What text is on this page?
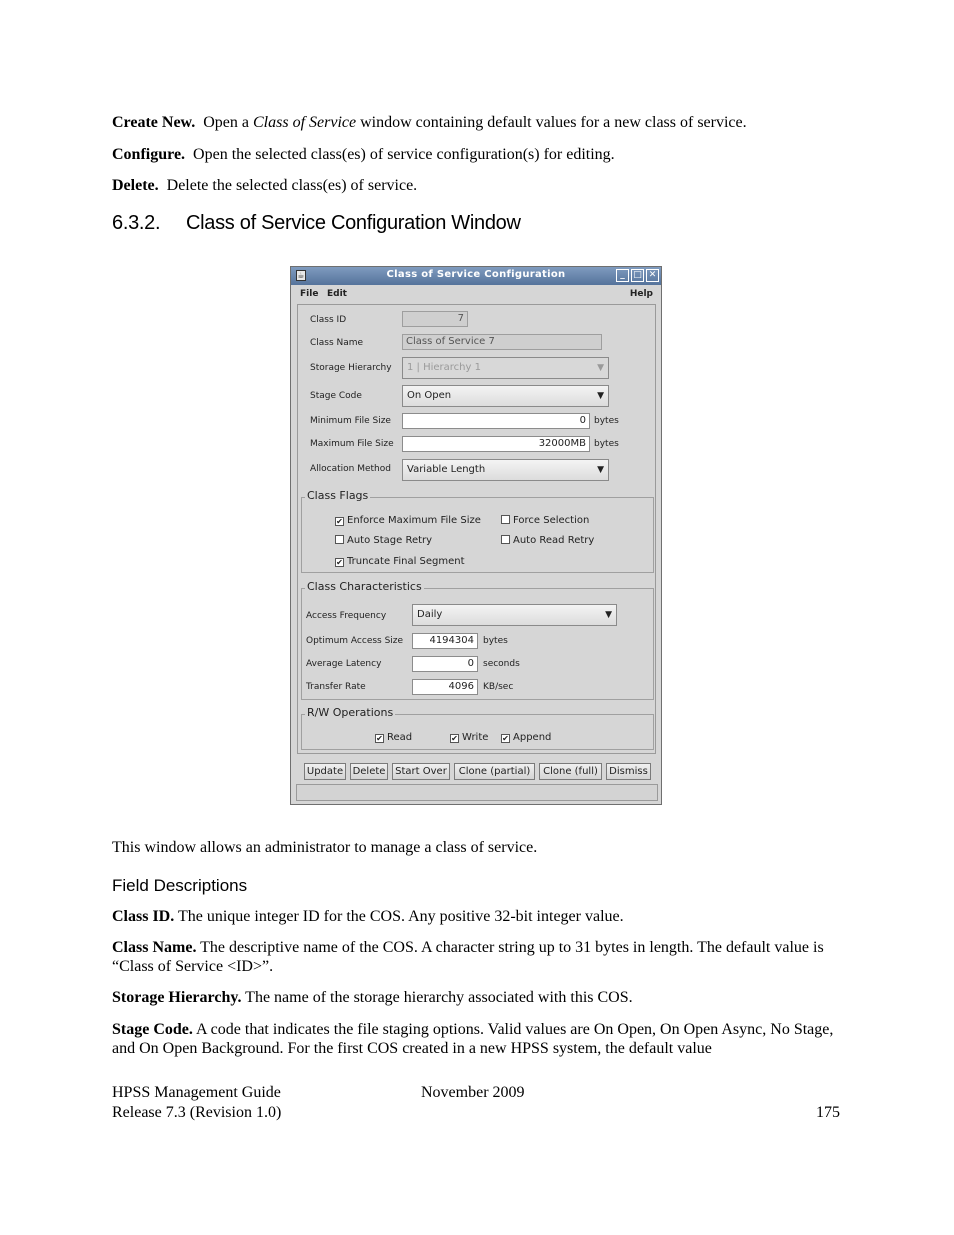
Create New. Open a Class of Service window containing default values for a new class of service.
Configure. Open the selected class(es) of service configuration(s) for editing.
Delete. Delete the selected class(es) of service.
6.3.2. Class of Service Configuration Window
☕	Class of Service Configuration	_ □ ✕
File Edit	Help
Class ID	7
Class Name	Class of Service 7
Storage Hierarchy	1 | Hierarchy 1	▼
Stage Code	On Open	▼
Minimum File Size	0 bytes
Maximum File Size	32000MB bytes
Allocation Method	Variable Length	▼
Class Flags
✔ Enforce Maximum File Size	Force Selection
Auto Stage Retry	Auto Read Retry
✔ Truncate Final Segment
Class Characteristics
Access Frequency	Daily	▼
Optimum Access Size	4194304	bytes
Average Latency	0	seconds
Transfer Rate	4096	KB/sec
R/W Operations
✔ Read	✔ Write ✔ Append
Update Delete Start Over	Clone (partial)	Clone (full)	Dismiss
This window allows an administrator to manage a class of service.
Field Descriptions
Class ID. The unique integer ID for the COS. Any positive 32-bit integer value.
Class Name. The descriptive name of the COS. A character string up to 31 bytes in length. The default value is “Class of Service <ID>”.
Storage Hierarchy. The name of the storage hierarchy associated with this COS.
Stage Code. A code that indicates the file staging options. Valid values are On Open, On Open Async, No Stage, and On Open Background. For the first COS created in a new HPSS system, the default value
HPSS Management Guide	November 2009
Release 7.3 (Revision 1.0)	175
